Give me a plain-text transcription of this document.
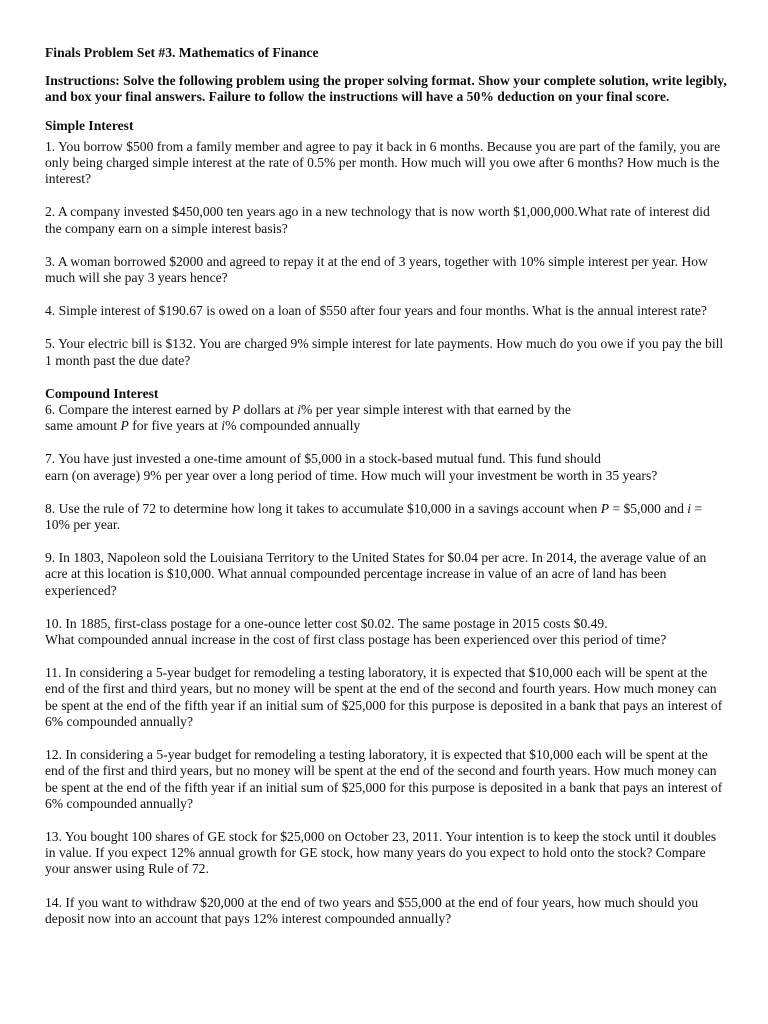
Finals Problem Set #3. Mathematics of Finance

Instructions: Solve the following problem using the proper solving format. Show your complete solution, write legibly, and box your final answers. Failure to follow the instructions will have a 50% deduction on your final score.

Simple Interest

1. You borrow $500 from a family member and agree to pay it back in 6 months. Because you are part of the family, you are only being charged simple interest at the rate of 0.5% per month. How much will you owe after 6 months? How much is the interest?

2. A company invested $450,000 ten years ago in a new technology that is now worth $1,000,000.What rate of interest did the company earn on a simple interest basis?

3. A woman borrowed $2000 and agreed to repay it at the end of 3 years, together with 10% simple interest per year. How much will she pay 3 years hence?

4. Simple interest of $190.67 is owed on a loan of $550 after four years and four months. What is the annual interest rate?

5. Your electric bill is $132. You are charged 9% simple interest for late payments. How much do you owe if you pay the bill 1 month past the due date?

Compound Interest

6. Compare the interest earned by P dollars at i% per year simple interest with that earned by the
same amount P for five years at i% compounded annually

7. You have just invested a one-time amount of $5,000 in a stock-based mutual fund. This fund should
earn (on average) 9% per year over a long period of time. How much will your investment be worth in 35 years?

8. Use the rule of 72 to determine how long it takes to accumulate $10,000 in a savings account when P = $5,000 and i = 10% per year.

9. In 1803, Napoleon sold the Louisiana Territory to the United States for $0.04 per acre. In 2014, the average value of an acre at this location is $10,000. What annual compounded percentage increase in value of an acre of land has been experienced?

10. In 1885, first-class postage for a one-ounce letter cost $0.02. The same postage in 2015 costs $0.49.
What compounded annual increase in the cost of first class postage has been experienced over this period of time?

11. In considering a 5-year budget for remodeling a testing laboratory, it is expected that $10,000 each will be spent at the end of the first and third years, but no money will be spent at the end of the second and fourth years. How much money can be spent at the end of the fifth year if an initial sum of $25,000 for this purpose is deposited in a bank that pays an interest of 6% compounded annually?

12. In considering a 5-year budget for remodeling a testing laboratory, it is expected that $10,000 each will be spent at the end of the first and third years, but no money will be spent at the end of the second and fourth years. How much money can be spent at the end of the fifth year if an initial sum of $25,000 for this purpose is deposited in a bank that pays an interest of 6% compounded annually?

13. You bought 100 shares of GE stock for $25,000 on October 23, 2011. Your intention is to keep the stock until it doubles in value. If you expect 12% annual growth for GE stock, how many years do you expect to hold onto the stock? Compare your answer using Rule of 72.

14. If you want to withdraw $20,000 at the end of two years and $55,000 at the end of four years, how much should you deposit now into an account that pays 12% interest compounded annually?
